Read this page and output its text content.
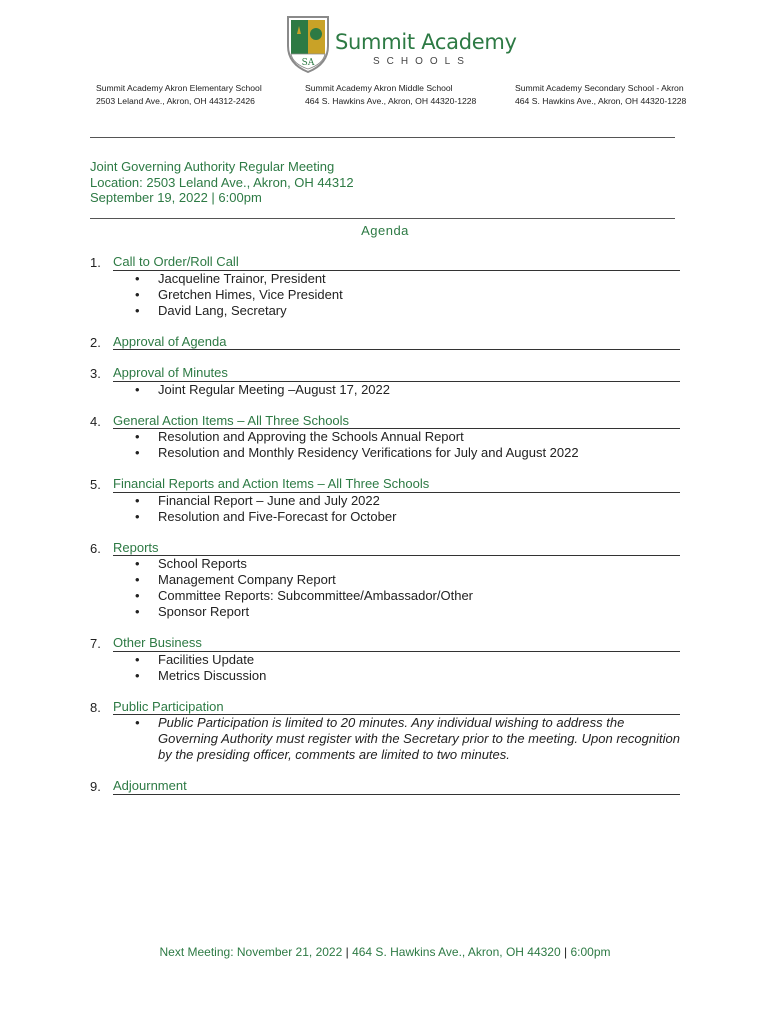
SA
Summit Academy
SCHOOLS
Summit Academy Akron Elementary School
2503 Leland Ave., Akron, OH 44312-2426
Summit Academy Akron Middle School
464 S. Hawkins Ave., Akron, OH 44320-1228
Summit Academy Secondary School - Akron
464 S. Hawkins Ave., Akron, OH 44320-1228
Joint Governing Authority Regular Meeting
Location: 2503 Leland Ave., Akron, OH 44312
September 19, 2022 | 6:00pm
Agenda
1. Call to Order/Roll Call
• Jacqueline Trainor, President
• Gretchen Himes, Vice President
• David Lang, Secretary
2. Approval of Agenda
3. Approval of Minutes
• Joint Regular Meeting –August 17, 2022
4. General Action Items – All Three Schools
• Resolution and Approving the Schools Annual Report
• Resolution and Monthly Residency Verifications for July and August 2022
5. Financial Reports and Action Items – All Three Schools
• Financial Report – June and July 2022
• Resolution and Five-Forecast for October
6. Reports
• School Reports
• Management Company Report
• Committee Reports: Subcommittee/Ambassador/Other
• Sponsor Report
7. Other Business
• Facilities Update
• Metrics Discussion
8. Public Participation
• Public Participation is limited to 20 minutes. Any individual wishing to address the Governing Authority must register with the Secretary prior to the meeting. Upon recognition by the presiding officer, comments are limited to two minutes.
9. Adjournment
Next Meeting: November 21, 2022 | 464 S. Hawkins Ave., Akron, OH 44320 | 6:00pm
